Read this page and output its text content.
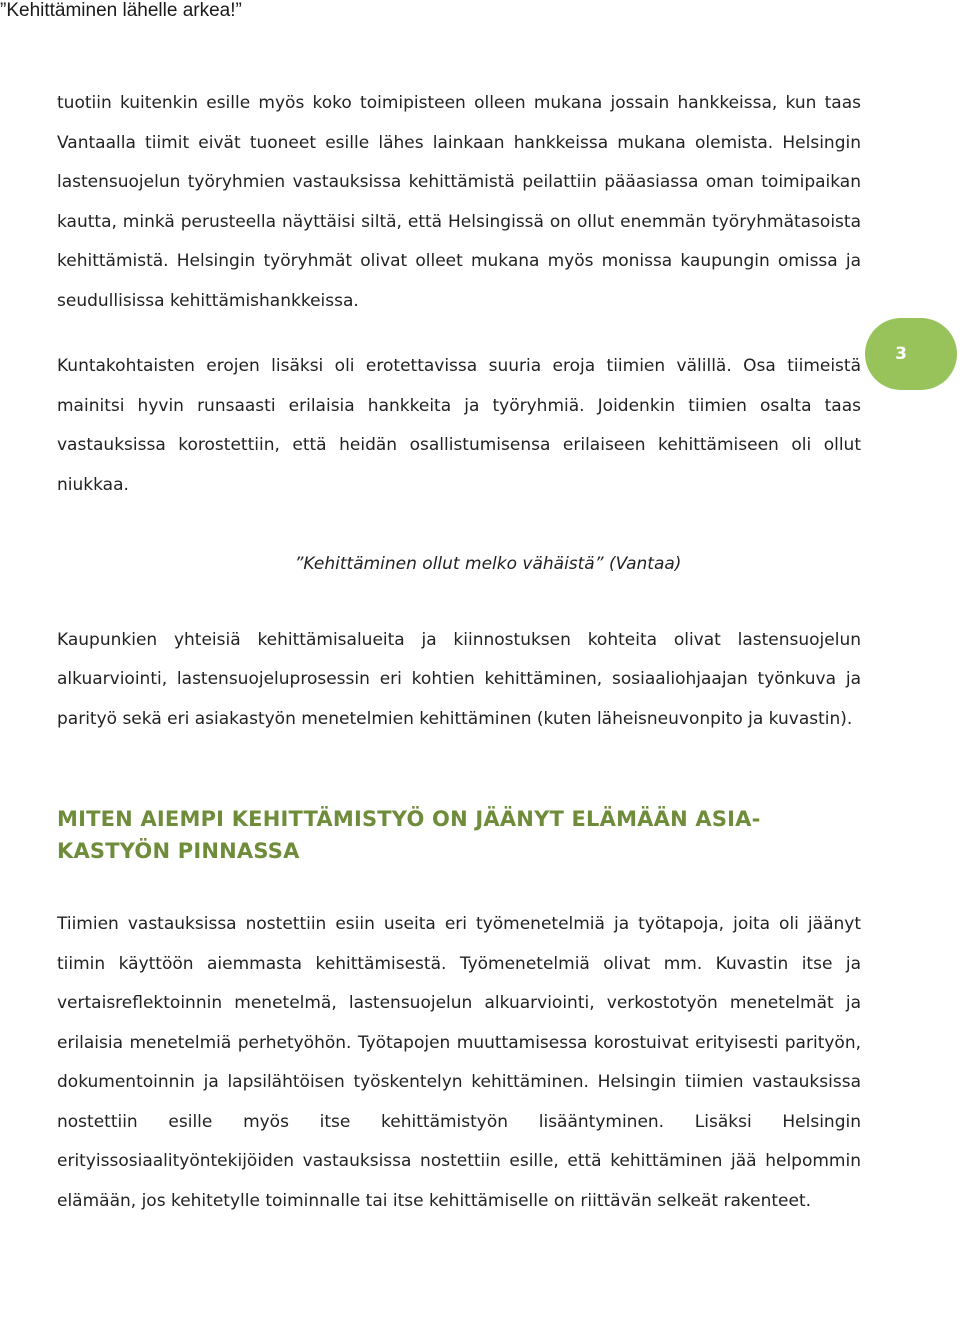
”Kehittäminen lähelle arkea!”
3

tuotiin kuitenkin esille myös koko toimipisteen olleen mukana jossain hankkeissa, kun taas Vantaalla tiimit eivät tuoneet esille lähes lainkaan hankkeissa mukana olemista. Helsingin lastensuojelun työryhmien vastauksissa kehittämistä peilattiin pääasiassa oman toimipaikan kautta, minkä perusteella näyttäisi siltä, että Helsingissä on ollut enemmän työryhmätasoista kehittämistä. Helsingin työryhmät olivat olleet mukana myös monissa kaupungin omissa ja seudullisissa kehittämishankkeissa.

Kuntakohtaisten erojen lisäksi oli erotettavissa suuria eroja tiimien välillä. Osa tiimeistä mainitsi hyvin runsaasti erilaisia hankkeita ja työryhmiä. Joidenkin tiimien osalta taas vastauksissa korostettiin, että heidän osallistumisensa erilaiseen kehittämiseen oli ollut niukkaa.

”Kehittäminen ollut melko vähäistä” (Vantaa)

Kaupunkien yhteisiä kehittämisalueita ja kiinnostuksen kohteita olivat lastensuojelun alkuarviointi, lastensuojeluprosessin eri kohtien kehittäminen, sosiaaliohjaajan työnkuva ja parityö sekä eri asiakastyön menetelmien kehittäminen (kuten läheisneuvonpito ja kuvastin).

MITEN AIEMPI KEHITTÄMISTYÖ ON JÄÄNYT ELÄMÄÄN ASIA-
KASTYÖN PINNASSA

Tiimien vastauksissa nostettiin esiin useita eri työmenetelmiä ja työtapoja, joita oli jäänyt tiimin käyttöön aiemmasta kehittämisestä. Työmenetelmiä olivat mm. Kuvastin itse ja vertaisreflektoinnin menetelmä, lastensuojelun alkuarviointi, verkostotyön menetelmät ja erilaisia menetelmiä perhetyöhön. Työtapojen muuttamisessa korostuivat erityisesti parityön, dokumentoinnin ja lapsilähtöisen työskentelyn kehittäminen. Helsingin tiimien vastauksissa nostettiin esille myös itse kehittämistyön lisääntyminen. Lisäksi Helsingin erityissosiaalityöntekijöiden vastauksissa nostettiin esille, että kehittäminen jää helpommin elämään, jos kehitetylle toiminnalle tai itse kehittämiselle on riittävän selkeät rakenteet.
